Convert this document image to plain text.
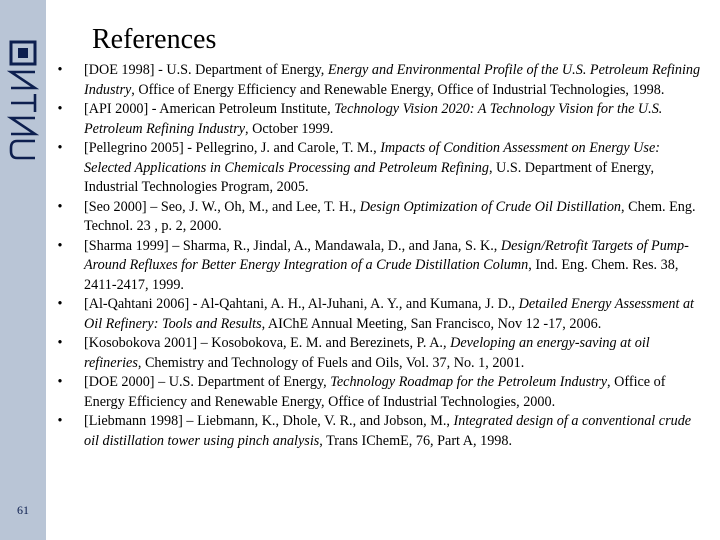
61
References
• [DOE 1998] - U.S. Department of Energy, Energy and Environmental Profile of the U.S. Petroleum Refining Industry, Office of Energy Efficiency and Renewable Energy, Office of Industrial Technologies, 1998.
• [API 2000] - American Petroleum Institute, Technology Vision 2020: A Technology Vision for the U.S. Petroleum Refining Industry, October 1999.
• [Pellegrino 2005] - Pellegrino, J. and Carole, T. M., Impacts of Condition Assessment on Energy Use: Selected Applications in Chemicals Processing and Petroleum Refining, U.S. Department of Energy, Industrial Technologies Program, 2005.
• [Seo 2000] – Seo, J. W., Oh, M., and Lee, T. H., Design Optimization of Crude Oil Distillation, Chem. Eng. Technol. 23 , p. 2, 2000.
• [Sharma 1999] – Sharma, R., Jindal, A., Mandawala, D., and Jana, S. K., Design/Retrofit Targets of Pump-Around Refluxes for Better Energy Integration of a Crude Distillation Column, Ind. Eng. Chem. Res. 38, 2411-2417, 1999.
• [Al-Qahtani 2006] - Al-Qahtani, A. H., Al-Juhani, A. Y., and Kumana, J. D., Detailed Energy Assessment at Oil Refinery: Tools and Results, AIChE Annual Meeting, San Francisco, Nov 12 -17, 2006.
• [Kosobokova 2001] – Kosobokova, E. M. and Berezinets, P. A., Developing an energy-saving at oil refineries, Chemistry and Technology of Fuels and Oils, Vol. 37, No. 1, 2001.
• [DOE 2000] – U.S. Department of Energy, Technology Roadmap for the Petroleum Industry, Office of Energy Efficiency and Renewable Energy, Office of Industrial Technologies, 2000.
• [Liebmann 1998] – Liebmann, K., Dhole, V. R., and Jobson, M., Integrated design of a conventional crude oil distillation tower using pinch analysis, Trans IChemE, 76, Part A, 1998.
